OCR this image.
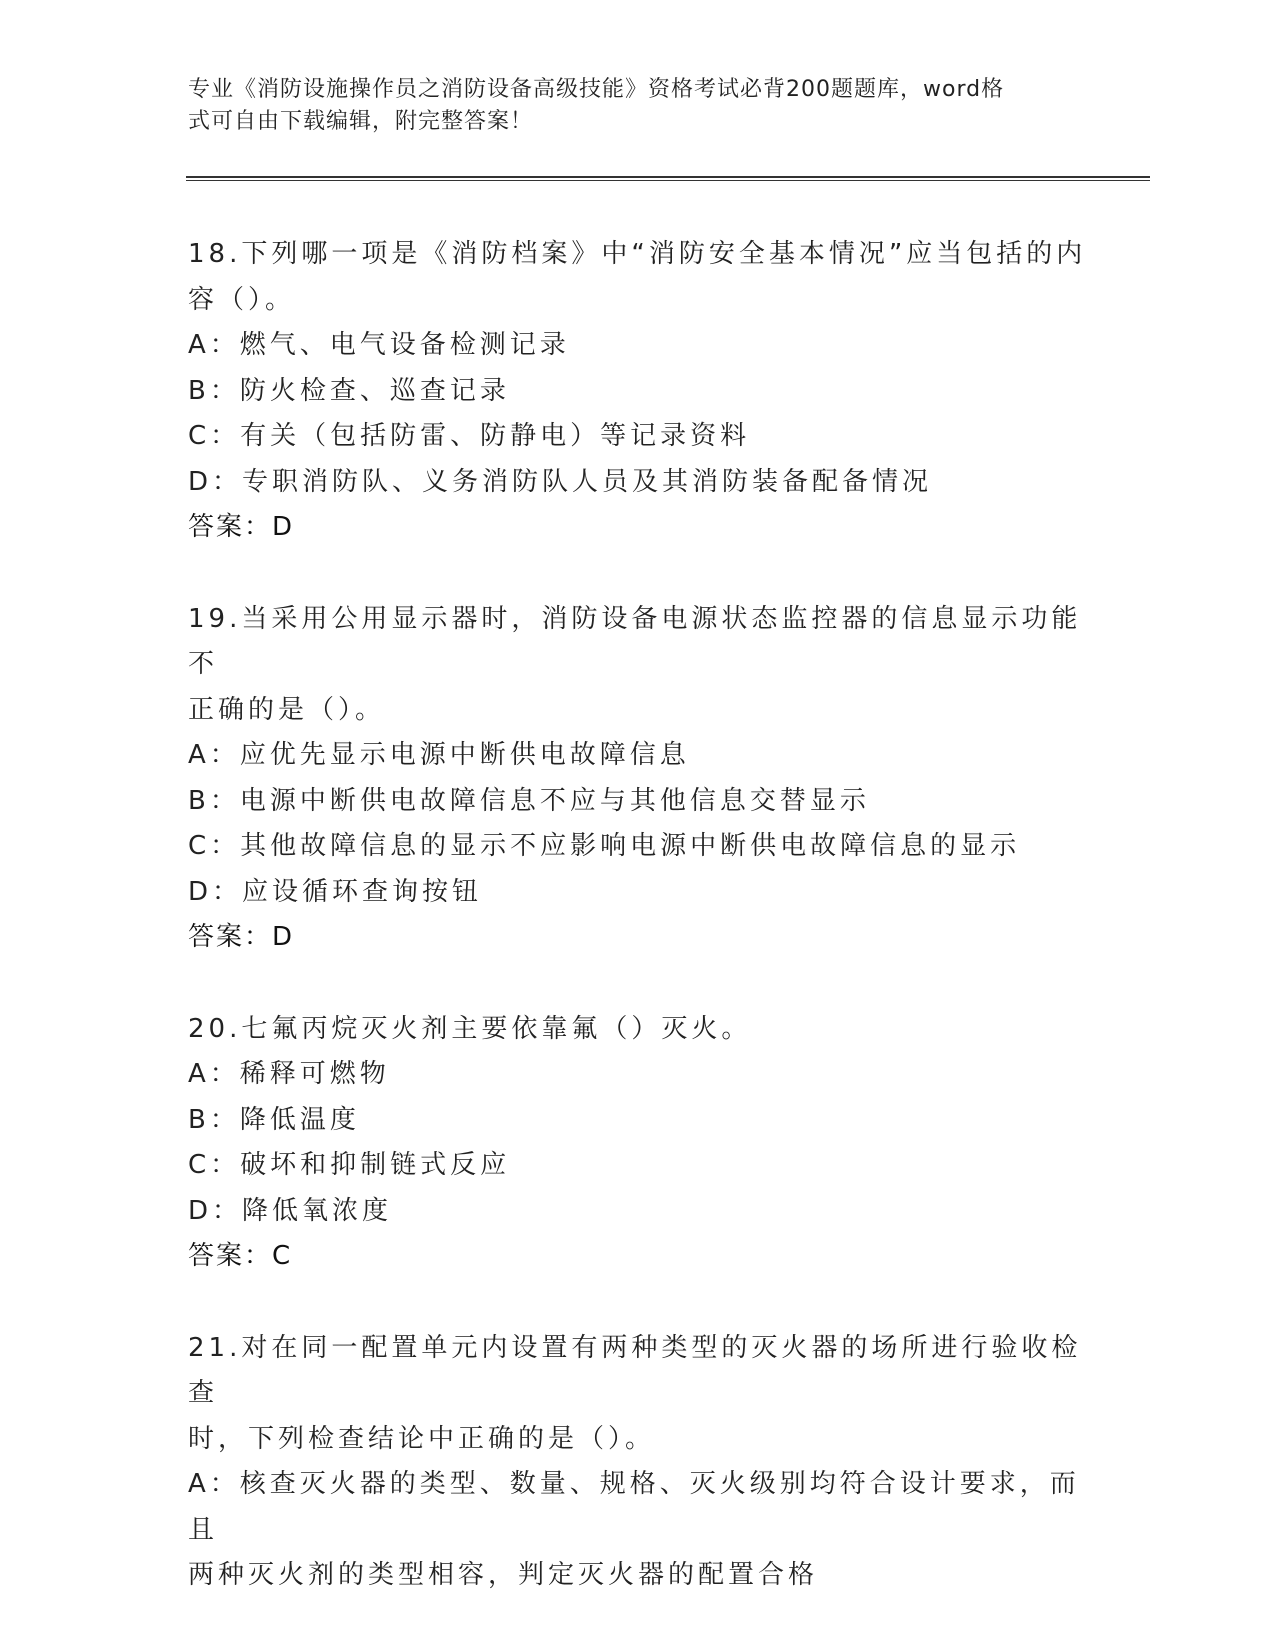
专业《消防设施操作员之消防设备高级技能》资格考试必背200题题库，word格
式可自由下载编辑，附完整答案！
18.下列哪一项是《消防档案》中“消防安全基本情况”应当包括的内
容（）。
A：燃气、电气设备检测记录
B：防火检查、巡查记录
C：有关（包括防雷、防静电）等记录资料
D：专职消防队、义务消防队人员及其消防装备配备情况
答案：D
19.当采用公用显示器时，消防设备电源状态监控器的信息显示功能不
正确的是（）。
A：应优先显示电源中断供电故障信息
B：电源中断供电故障信息不应与其他信息交替显示
C：其他故障信息的显示不应影响电源中断供电故障信息的显示
D：应设循环查询按钮
答案：D
20.七氟丙烷灭火剂主要依靠氟（）灭火。
A：稀释可燃物
B：降低温度
C：破坏和抑制链式反应
D：降低氧浓度
答案：C
21.对在同一配置单元内设置有两种类型的灭火器的场所进行验收检查
时，下列检查结论中正确的是（）。
A：核查灭火器的类型、数量、规格、灭火级别均符合设计要求，而且
两种灭火剂的类型相容，判定灭火器的配置合格
